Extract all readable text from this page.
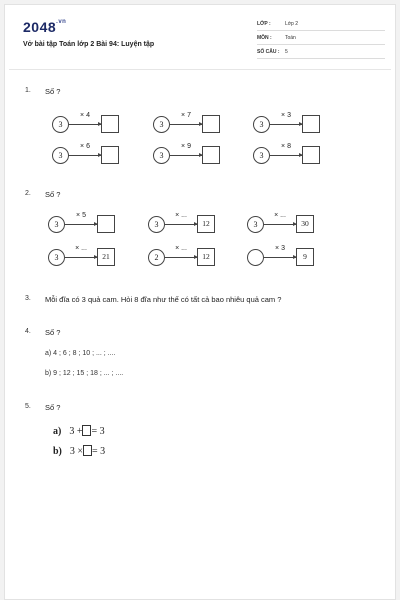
$2048^{.vn}$
Vở bài tập Toán lớp 2 Bài 94: Luyện tập
LỚP :	Lớp 2
MÔN :	Toán
SỐ CÂU : 5
1. Số ?
3
× 4
3
× 7
3
× 3
3
× 6
3
× 9
3
× 8
2. Số ?
3
× 5
3
× ...
12	3
× ...
30
3
× ...
21	2
× ...
12
× 3
9
3. Mỗi đĩa có 3 quả cam. Hỏi 8 đĩa như thế có tất cả bao nhiêu quả cam ?
4. Số ?
a) 4 ; 6 ; 8 ; 10 ; ... ; ....
b) 9 ; 12 ; 15 ; 18 ; ... ; ....
5. Số ?
a) 3 + = 3
b) 3 × = 3
